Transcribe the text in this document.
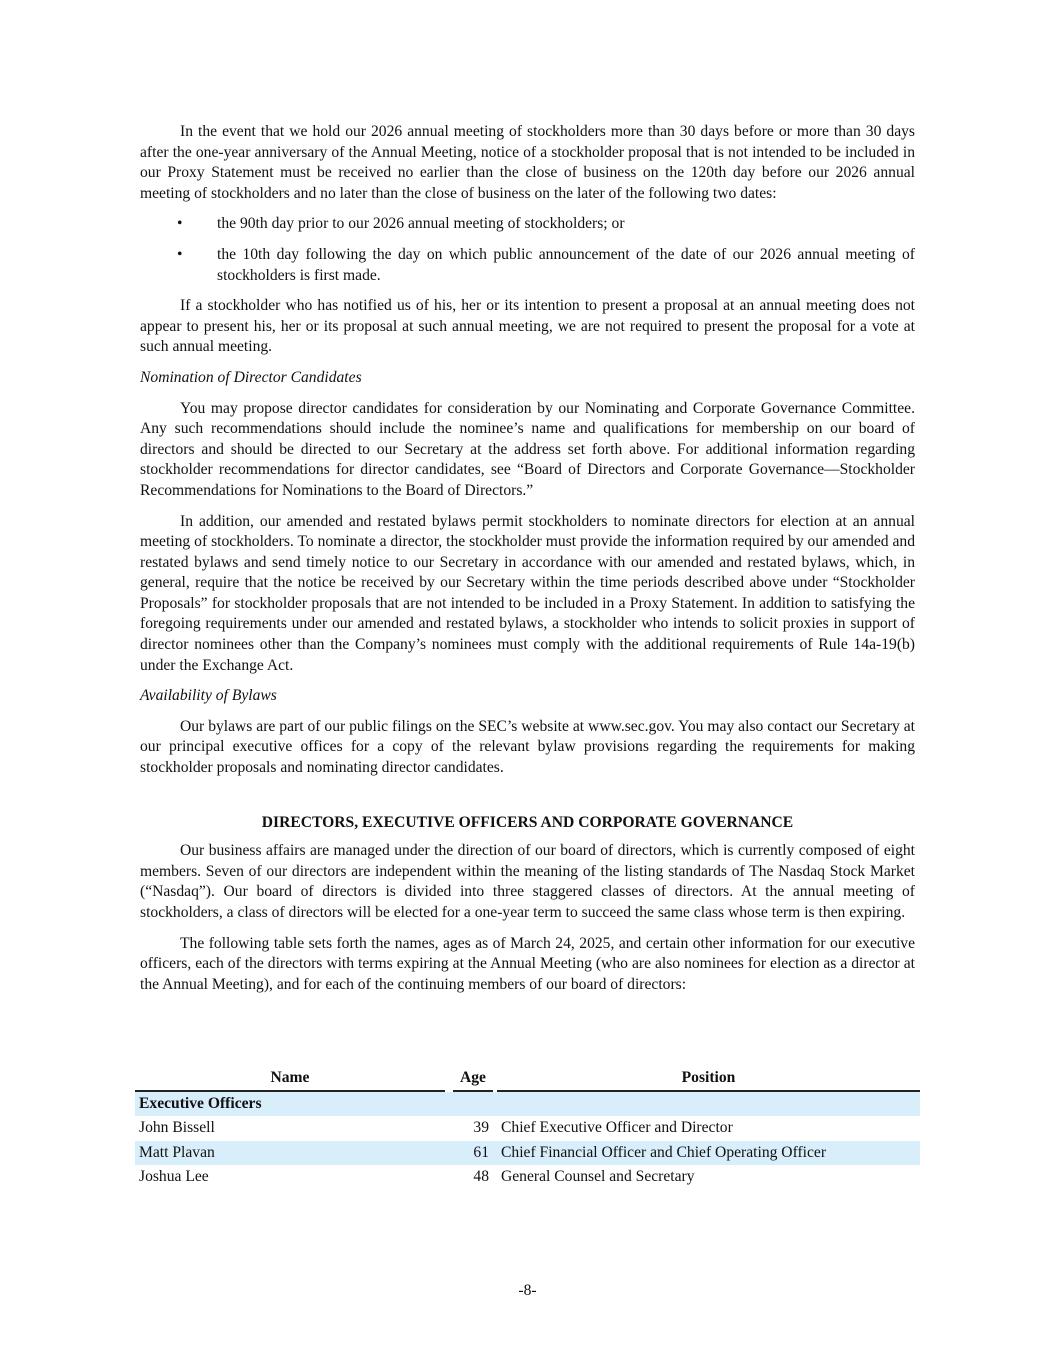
In the event that we hold our 2026 annual meeting of stockholders more than 30 days before or more than 30 days after the one-year anniversary of the Annual Meeting, notice of a stockholder proposal that is not intended to be included in our Proxy Statement must be received no earlier than the close of business on the 120th day before our 2026 annual meeting of stockholders and no later than the close of business on the later of the following two dates:

•	the 90th day prior to our 2026 annual meeting of stockholders; or
•	the 10th day following the day on which public announcement of the date of our 2026 annual meeting of stockholders is first made.

If a stockholder who has notified us of his, her or its intention to present a proposal at an annual meeting does not appear to present his, her or its proposal at such annual meeting, we are not required to present the proposal for a vote at such annual meeting.

Nomination of Director Candidates

You may propose director candidates for consideration by our Nominating and Corporate Governance Committee. Any such recommendations should include the nominee’s name and qualifications for membership on our board of directors and should be directed to our Secretary at the address set forth above. For additional information regarding stockholder recommendations for director candidates, see “Board of Directors and Corporate Governance—Stockholder Recommendations for Nominations to the Board of Directors.”

In addition, our amended and restated bylaws permit stockholders to nominate directors for election at an annual meeting of stockholders. To nominate a director, the stockholder must provide the information required by our amended and restated bylaws and send timely notice to our Secretary in accordance with our amended and restated bylaws, which, in general, require that the notice be received by our Secretary within the time periods described above under “Stockholder Proposals” for stockholder proposals that are not intended to be included in a Proxy Statement. In addition to satisfying the foregoing requirements under our amended and restated bylaws, a stockholder who intends to solicit proxies in support of director nominees other than the Company’s nominees must comply with the additional requirements of Rule 14a-19(b) under the Exchange Act.

Availability of Bylaws

Our bylaws are part of our public filings on the SEC’s website at www.sec.gov. You may also contact our Secretary at our principal executive offices for a copy of the relevant bylaw provisions regarding the requirements for making stockholder proposals and nominating director candidates.

DIRECTORS, EXECUTIVE OFFICERS AND CORPORATE GOVERNANCE

Our business affairs are managed under the direction of our board of directors, which is currently composed of eight members. Seven of our directors are independent within the meaning of the listing standards of The Nasdaq Stock Market (“Nasdaq”). Our board of directors is divided into three staggered classes of directors. At the annual meeting of stockholders, a class of directors will be elected for a one-year term to succeed the same class whose term is then expiring.

The following table sets forth the names, ages as of March 24, 2025, and certain other information for our executive officers, each of the directors with terms expiring at the Annual Meeting (who are also nominees for election as a director at the Annual Meeting), and for each of the continuing members of our board of directors:

Name		Age		Position
Executive Officers				
John Bissell		39		Chief Executive Officer and Director
Matt Plavan		61		Chief Financial Officer and Chief Operating Officer
Joshua Lee		48		General Counsel and Secretary
-8-
